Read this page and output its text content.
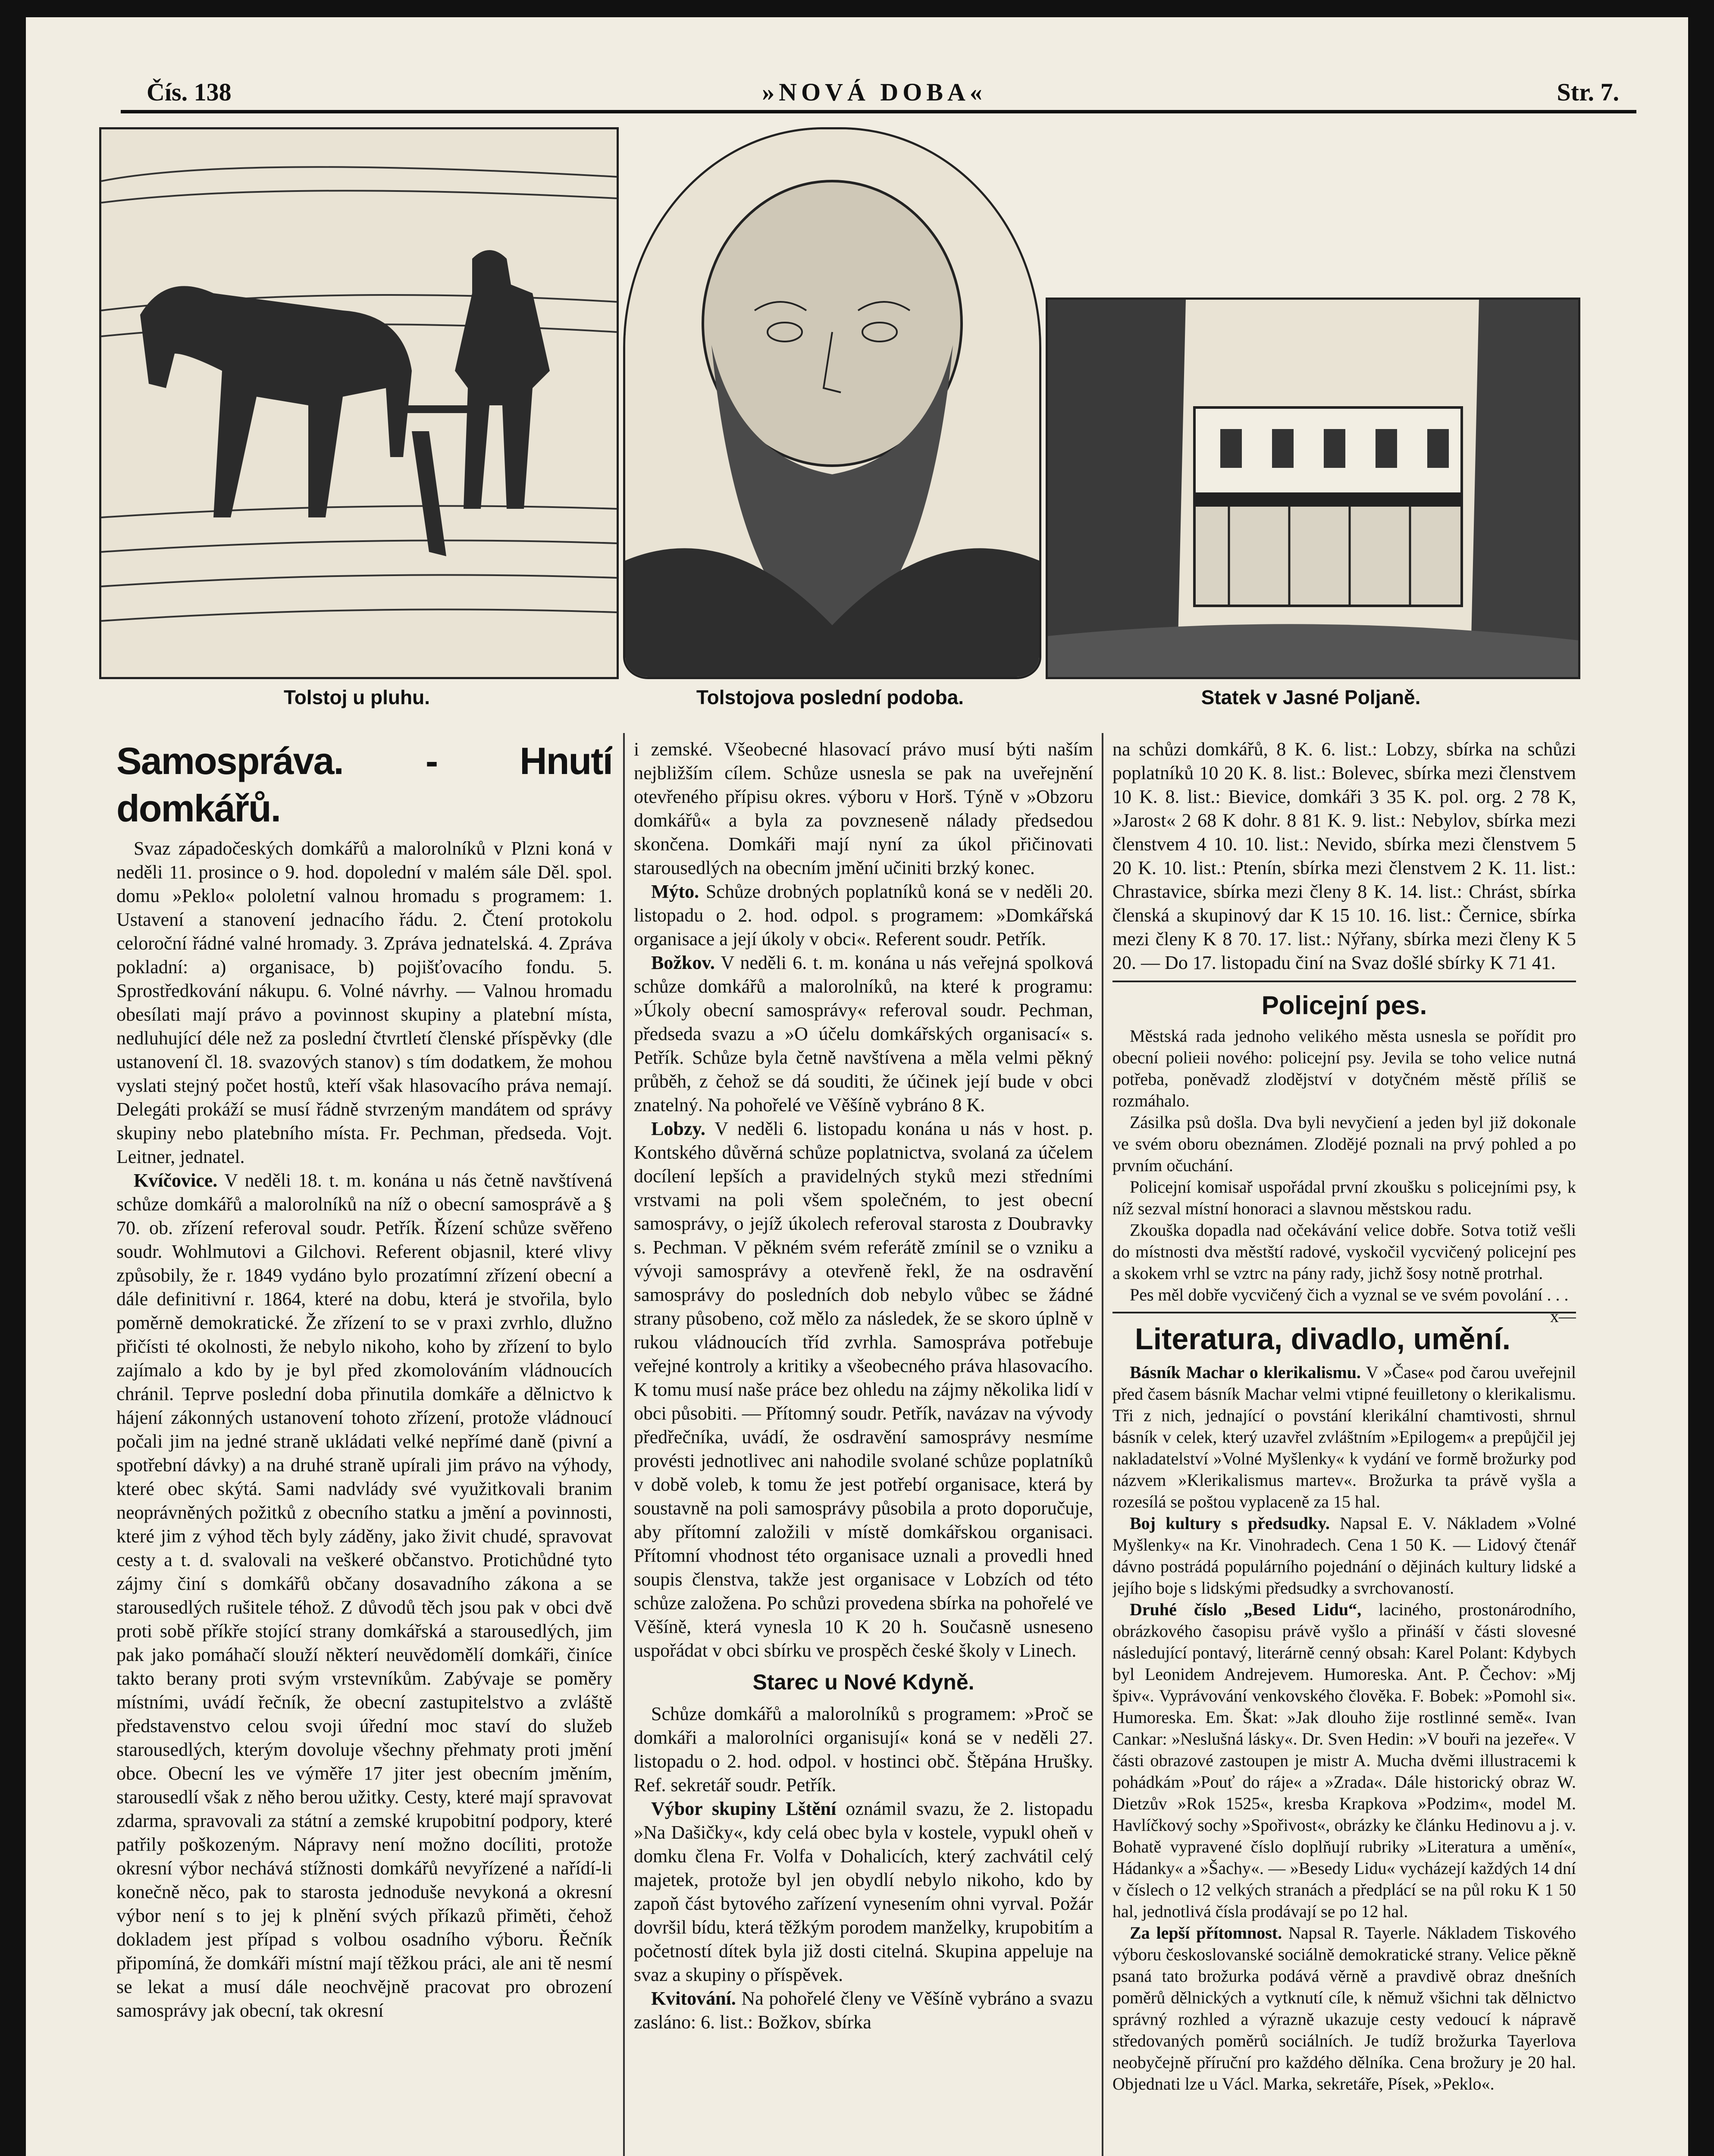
Čís. 138	»NOVÁ DOBA«	Str. 7.
Tolstoj u pluhu.	Tolstojova poslední podoba.	Statek v Jasné Poljaně.
Samospráva. - Hnutí domkářů.

Svaz západočeských domkářů a malorolníků v Plzni koná v neděli 11. prosince o 9. hod. dopolední v malém sále Děl. spol. domu »Peklo« pololetní valnou hromadu s programem: 1. Ustavení a stanovení jednacího řádu. 2. Čtení protokolu celoroční řádné valné hromady. 3. Zpráva jednatelská. 4. Zpráva pokladní: a) organisace, b) pojišťovacího fondu. 5. Sprostředkování nákupu. 6. Volné návrhy. — Valnou hromadu obesílati mají právo a povinnost skupiny a platební místa, nedluhující déle než za poslední čtvrtletí členské příspěvky (dle ustanovení čl. 18. svazových stanov) s tím dodatkem, že mohou vyslati stejný počet hostů, kteří však hlasovacího práva nemají. Delegáti prokáží se musí řádně stvrzeným mandátem od správy skupiny nebo platebního místa. Fr. Pechman, předseda. Vojt. Leitner, jednatel.

Kvíčovice. V neděli 18. t. m. konána u nás četně navštívená schůze domkářů a malorolníků na níž o obecní samosprávě a § 70. ob. zřízení referoval soudr. Petřík. Řízení schůze svěřeno soudr. Wohlmutovi a Gilchovi. Referent objasnil, které vlivy způsobily, že r. 1849 vydáno bylo prozatímní zřízení obecní a dále definitivní r. 1864, které na dobu, která je stvořila, bylo poměrně demokratické. Že zřízení to se v praxi zvrhlo, dlužno přičísti té okolnosti, že nebylo nikoho, koho by zřízení to bylo zajímalo a kdo by je byl před zkomolováním vládnoucích chránil. Teprve poslední doba přinutila domkáře a dělnictvo k hájení zákonných ustanovení tohoto zřízení, protože vládnoucí počali jim na jedné straně ukládati velké nepřímé daně (pivní a spotřební dávky) a na druhé straně upírali jim právo na výhody, které obec skýtá. Sami nadvlády své využitkovali branim neoprávněných požitků z obecního statku a jmění a povinnosti, které jim z výhod těch byly záděny, jako živit chudé, spravovat cesty a t. d. svalovali na veškeré občanstvo. Protichůdné tyto zájmy činí s domkářů občany dosavadního zákona a se starousedlých rušitele téhož. Z důvodů těch jsou pak v obci dvě proti sobě příkře stojící strany domkářská a starousedlých, jim pak jako pomáhačí slouží některí neuvědomělí domkáři, činíce takto berany proti svým vrstevníkům. Zabývaje se poměry místními, uvádí řečník, že obecní zastupitelstvo a zvláště představenstvo celou svoji úřední moc staví do služeb starousedlých, kterým dovoluje všechny přehmaty proti jmění obce. Obecní les ve výměře 17 jiter jest obecním jměním, starousedlí však z něho berou užitky. Cesty, které mají spravovat zdarma, spravovali za státní a zemské krupobitní podpory, které patřily poškozeným. Nápravy není možno docíliti, protože okresní výbor nechává stížnosti domkářů nevyřízené a nařídí-li konečně něco, pak to starosta jednoduše nevykoná a okresní výbor není s to jej k plnění svých příkazů přiměti, čehož dokladem jest případ s volbou osadního výboru. Řečník připomíná, že domkáři místní mají těžkou práci, ale ani tě nesmí se lekat a musí dále neochvějně pracovat pro obrození samosprávy jak obecní, tak okresní

i zemské. Všeobecné hlasovací právo musí býti naším nejbližším cílem. Schůze usnesla se pak na uveřejnění otevřeného přípisu okres. výboru v Horš. Týně v »Obzoru domkářů« a byla za povzneseně nálady předsedou skončena. Domkáři mají nyní za úkol přičinovati starousedlých na obecním jmění učiniti brzký konec.

Mýto. Schůze drobných poplatníků koná se v neděli 20. listopadu o 2. hod. odpol. s programem: »Domkářská organisace a její úkoly v obci«. Referent soudr. Petřík.

Božkov. V neděli 6. t. m. konána u nás veřejná spolková schůze domkářů a malorolníků, na které k programu: »Úkoly obecní samosprávy« referoval soudr. Pechman, předseda svazu a »O účelu domkářských organisací« s. Petřík. Schůze byla četně navštívena a měla velmi pěkný průběh, z čehož se dá souditi, že účinek její bude v obci znatelný. Na pohořelé ve Věšíně vybráno 8 K.

Lobzy. V neděli 6. listopadu konána u nás v host. p. Kontského důvěrná schůze poplatnictva, svolaná za účelem docílení lepších a pravidelných styků mezi středními vrstvami na poli všem společném, to jest obecní samosprávy, o jejíž úkolech referoval starosta z Doubravky s. Pechman. V pěkném svém referátě zmínil se o vzniku a vývoji samosprávy a otevřeně řekl, že na osdravění samosprávy do posledních dob nebylo vůbec se žádné strany působeno, což mělo za následek, že se skoro úplně v rukou vládnoucích tříd zvrhla. Samospráva potřebuje veřejné kontroly a kritiky a všeobecného práva hlasovacího. K tomu musí naše práce bez ohledu na zájmy několika lidí v obci působiti. — Přítomný soudr. Petřík, navázav na vývody předřečníka, uvádí, že osdravění samosprávy nesmíme provésti jednotlivec ani nahodile svolané schůze poplatníků v době voleb, k tomu že jest potřebí organisace, která by soustavně na poli samosprávy působila a proto doporučuje, aby přítomní založili v místě domkářskou organisaci. Přítomní vhodnost této organisace uznali a provedli hned soupis členstva, takže jest organisace v Lobzích od této schůze založena. Po schůzi provedena sbírka na pohořelé ve Věšíně, která vynesla 10 K 20 h. Současně usneseno uspořádat v obci sbírku ve prospěch české školy v Linech.

Starec u Nové Kdyně.

Schůze domkářů a malorolníků s programem: »Proč se domkáři a malorolníci organisují« koná se v neděli 27. listopadu o 2. hod. odpol. v hostinci obč. Štěpána Hrušky. Ref. sekretář soudr. Petřík.

Výbor skupiny Lštění oznámil svazu, že 2. listopadu »Na Dašičky«, kdy celá obec byla v kostele, vypukl oheň v domku člena Fr. Volfa v Dohalicích, který zachvátil celý majetek, protože byl jen obydlí nebylo nikoho, kdo by zapoň část bytového zařízení vynesením ohni vyrval. Požár dovršil bídu, která těžkým porodem manželky, krupobitím a početností dítek byla již dosti citelná. Skupina appeluje na svaz a skupiny o příspěvek.

Kvitování. Na pohořelé členy ve Věšíně vybráno a svazu zasláno: 6. list.: Božkov, sbírka

na schůzi domkářů, 8 K. 6. list.: Lobzy, sbírka na schůzi poplatníků 10 20 K. 8. list.: Bolevec, sbírka mezi členstvem 10 K. 8. list.: Bievice, domkáři 3 35 K. pol. org. 2 78 K, »Jarost« 2 68 K dohr. 8 81 K. 9. list.: Nebylov, sbírka mezi členstvem 4 10. 10. list.: Nevido, sbírka mezi členstvem 5 20 K. 10. list.: Ptenín, sbírka mezi členstvem 2 K. 11. list.: Chrastavice, sbírka mezi členy 8 K. 14. list.: Chrást, sbírka členská a skupinový dar K 15 10. 16. list.: Černice, sbírka mezi členy K 8 70. 17. list.: Nýřany, sbírka mezi členy K 5 20. — Do 17. listopadu činí na Svaz došlé sbírky K 71 41.

Policejní pes.

Městská rada jednoho velikého města usnesla se pořídit pro obecní polieii nového: policejní psy. Jevila se toho velice nutná potřeba, poněvadž zlodějství v dotyčném městě příliš se rozmáhalo.

Zásilka psů došla. Dva byli nevyčiení a jeden byl již dokonale ve svém oboru obeznámen. Zlodějé poznali na prvý pohled a po prvním očuchání.

Policejní komisař uspořádal první zkoušku s policejními psy, k níž sezval místní honoraci a slavnou městskou radu.

Zkouška dopadla nad očekávání velice dobře. Sotva totiž vešli do místnosti dva městští radové, vyskočil vycvičený policejní pes a skokem vrhl se vztrc na pány rady, jichž šosy notně protrhal.

Pes měl dobře vycvičený čich a vyznal se ve svém povolání . . .
x—

Literatura, divadlo, umění.

Básník Machar o klerikalismu. V »Čase« pod čarou uveřejnil před časem básník Machar velmi vtipné feuilletony o klerikalismu. Tři z nich, jednající o povstání klerikální chamtivosti, shrnul básník v celek, který uzavřel zvláštním »Epilogem« a prepůjčil jej nakladatelství »Volné Myšlenky« k vydání ve formě brožurky pod názvem »Klerikalismus martev«. Brožurka ta právě vyšla a rozesílá se poštou vyplaceně za 15 hal.

Boj kultury s předsudky. Napsal E. V. Nákladem »Volné Myšlenky« na Kr. Vinohradech. Cena 1 50 K. — Lidový čtenář dávno postrádá populárního pojednání o dějinách kultury lidské a jejího boje s lidskými předsudky a svrchovaností.

Druhé číslo „Besed Lidu“, laciného, prostonárodního, obrázkového časopisu právě vyšlo a přináší v části slovesné následující pontavý, literárně cenný obsah: Karel Polant: Kdybych byl Leonidem Andrejevem. Humoreska. Ant. P. Čechov: »Mj špiv«. Vyprávování venkovského člověka. F. Bobek: »Pomohl si«. Humoreska. Em. Škat: »Jak dlouho žije rostlinné semě«. Ivan Cankar: »Neslušná lásky«. Dr. Sven Hedin: »V bouři na jezeře«. V části obrazové zastoupen je mistr A. Mucha dvěmi illustracemi k pohádkám »Pouť do ráje« a »Zrada«. Dále historický obraz W. Dietzův »Rok 1525«, kresba Krapkova »Podzim«, model M. Havlíčkový sochy »Spořivost«, obrázky ke článku Hedinovu a j. v. Bohatě vypravené číslo doplňují rubriky »Literatura a umění«, Hádanky« a »Šachy«. — »Besedy Lidu« vycházejí každých 14 dní v číslech o 12 velkých stranách a předplácí se na půl roku K 1 50 hal, jednotlivá čísla prodávají se po 12 hal.

Za lepší přítomnost. Napsal R. Tayerle. Nákladem Tiskového výboru českoslovanské sociálně demokratické strany. Velice pěkně psaná tato brožurka podává věrně a pravdivě obraz dnešních poměrů dělnických a vytknutí cíle, k němuž všichni tak dělnictvo správný rozhled a výrazně ukazuje cesty vedoucí k nápravě středovaných poměrů sociálních. Je tudíž brožurka Tayerlova neobyčejně příruční pro každého dělníka. Cena brožury je 20 hal. Objednati lze u Václ. Marka, sekretáře, Písek, »Peklo«.
